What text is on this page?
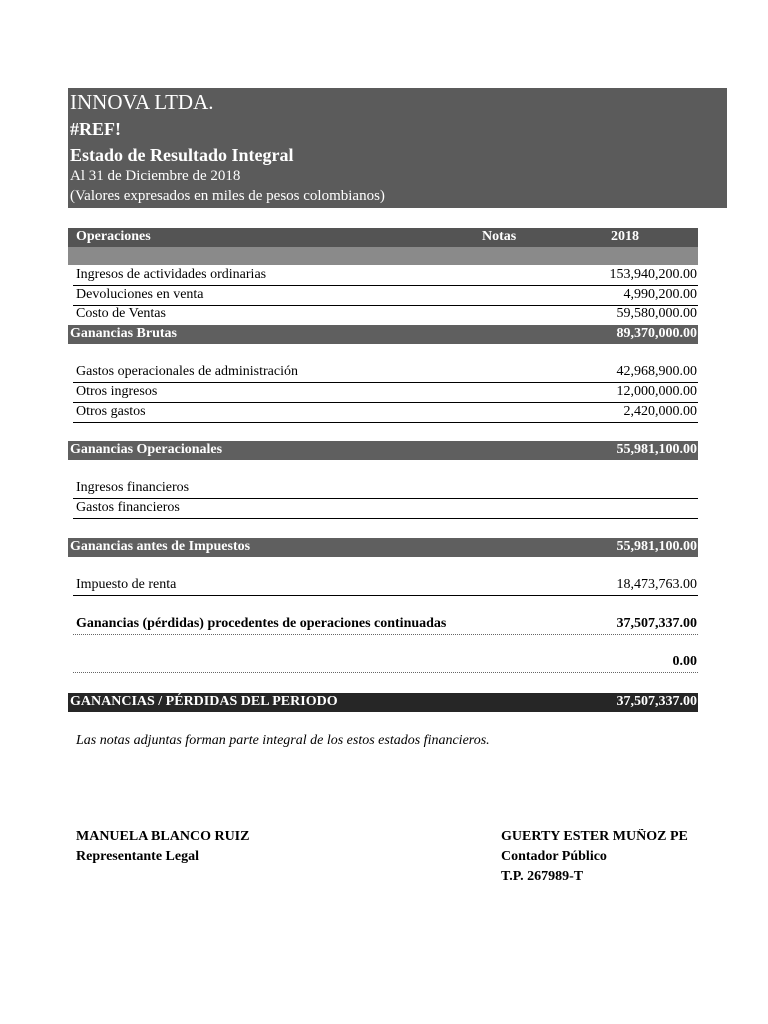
INNOVA LTDA.
#REF!
Estado de Resultado Integral
Al 31 de Diciembre de 2018
(Valores expresados en miles de pesos colombianos)
Operaciones	Notas	2018
Ingresos de actividades ordinarias	153,940,200.00
Devoluciones en venta	4,990,200.00
Costo de Ventas	59,580,000.00
Ganancias Brutas	89,370,000.00
Gastos operacionales de administración	42,968,900.00
Otros ingresos	12,000,000.00
Otros gastos	2,420,000.00
Ganancias Operacionales	55,981,100.00
Ingresos financieros
Gastos financieros
Ganancias antes de Impuestos	55,981,100.00
Impuesto de renta	18,473,763.00
Ganancias (pérdidas) procedentes de operaciones continuadas	37,507,337.00
0.00
GANANCIAS / PÉRDIDAS DEL PERIODO	37,507,337.00
Las notas adjuntas forman parte integral de los estos estados financieros.
MANUELA BLANCO RUIZ
Representante Legal
GUERTY ESTER MUÑOZ PE
Contador Público
T.P. 267989-T
